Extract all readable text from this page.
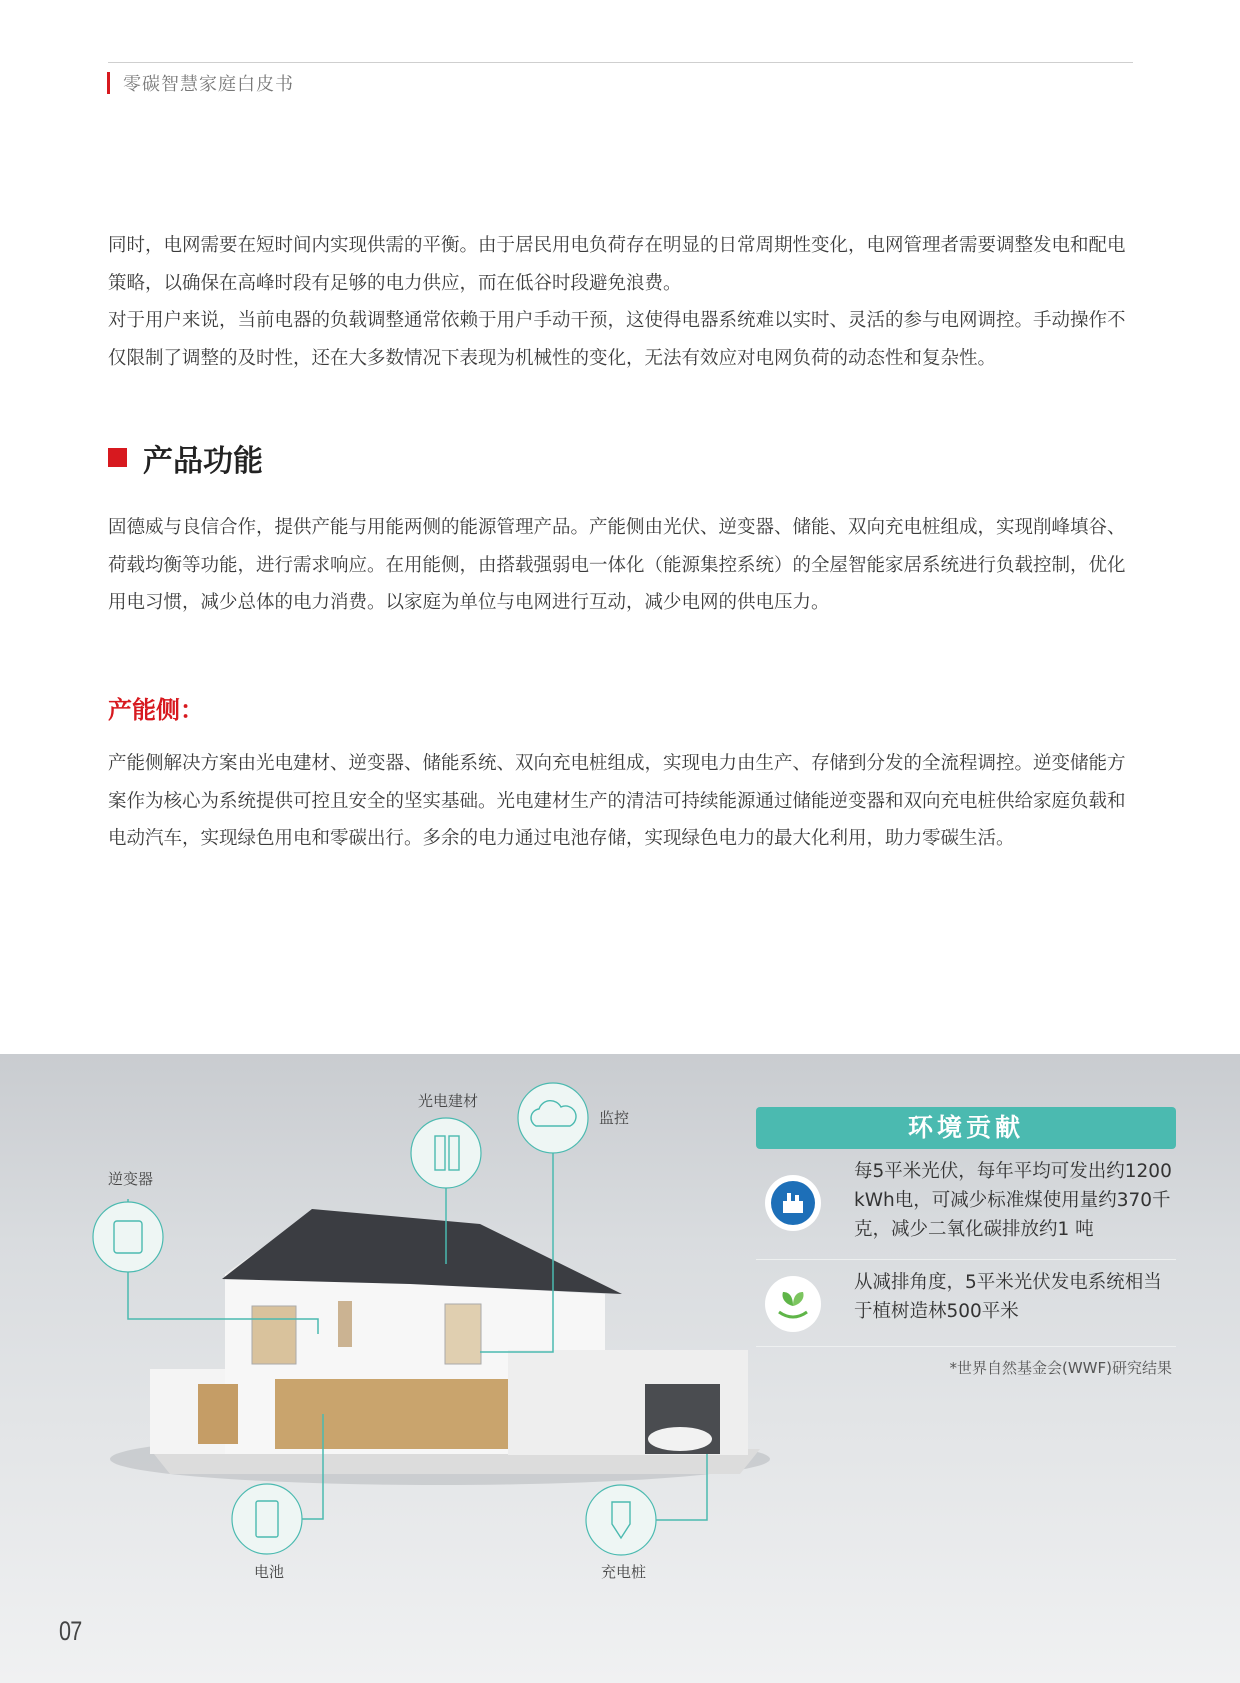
零碳智慧家庭白皮书
同时，电网需要在短时间内实现供需的平衡。由于居民用电负荷存在明显的日常周期性变化，电网管理者需要调整发电和配电策略，以确保在高峰时段有足够的电力供应，而在低谷时段避免浪费。
对于用户来说，当前电器的负载调整通常依赖于用户手动干预，这使得电器系统难以实时、灵活的参与电网调控。手动操作不仅限制了调整的及时性，还在大多数情况下表现为机械性的变化，无法有效应对电网负荷的动态性和复杂性。
产品功能
固德威与良信合作，提供产能与用能两侧的能源管理产品。产能侧由光伏、逆变器、储能、双向充电桩组成，实现削峰填谷、荷载均衡等功能，进行需求响应。在用能侧，由搭载强弱电一体化（能源集控系统）的全屋智能家居系统进行负载控制，优化用电习惯，减少总体的电力消费。以家庭为单位与电网进行互动，减少电网的供电压力。
产能侧：
产能侧解决方案由光电建材、逆变器、储能系统、双向充电桩组成，实现电力由生产、存储到分发的全流程调控。逆变储能方案作为核心为系统提供可控且安全的坚实基础。光电建材生产的清洁可持续能源通过储能逆变器和双向充电桩供给家庭负载和电动汽车，实现绿色用电和零碳出行。多余的电力通过电池存储，实现绿色电力的最大化利用，助力零碳生活。
逆变器
光电建材
监控
电池	充电桩
环境贡献
每5平米光伏，每年平均可发出约1200 kWh电，可减少标准煤使用量约370千克，减少二氧化碳排放约1 吨
从减排角度，5平米光伏发电系统相当于植树造林500平米
*世界自然基金会(WWF)研究结果
07
